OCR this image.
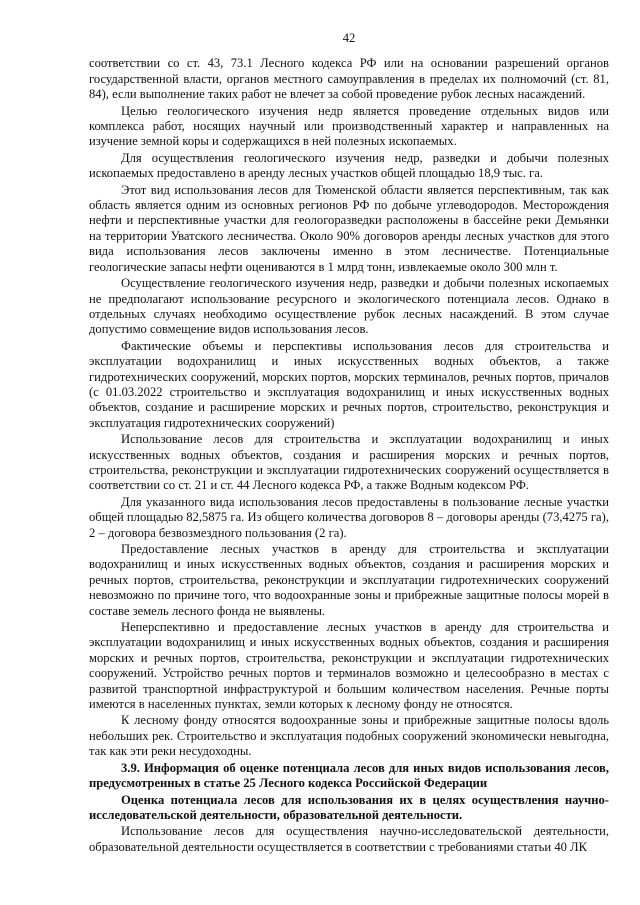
42

соответствии со ст. 43, 73.1 Лесного кодекса РФ или на основании разрешений органов государственной власти, органов местного самоуправления в пределах их полномочий (ст. 81, 84), если выполнение таких работ не влечет за собой проведение рубок лесных насаждений.

Целью геологического изучения недр является проведение отдельных видов или комплекса работ, носящих научный или производственный характер и направленных на изучение земной коры и содержащихся в ней полезных ископаемых.

Для осуществления геологического изучения недр, разведки и добычи полезных ископаемых предоставлено в аренду лесных участков общей площадью 18,9 тыс. га.

Этот вид использования лесов для Тюменской области является перспективным, так как область является одним из основных регионов РФ по добыче углеводородов. Месторождения нефти и перспективные участки для геологоразведки расположены в бассейне реки Демьянки на территории Уватского лесничества. Около 90% договоров аренды лесных участков для этого вида использования лесов заключены именно в этом лесничестве. Потенциальные геологические запасы нефти оцениваются в 1 млрд тонн, извлекаемые около 300 млн т.

Осуществление геологического изучения недр, разведки и добычи полезных ископаемых не предполагают использование ресурсного и экологического потенциала лесов. Однако в отдельных случаях необходимо осуществление рубок лесных насаждений. В этом случае допустимо совмещение видов использования лесов.

Фактические объемы и перспективы использования лесов для строительства и эксплуатации водохранилищ и иных искусственных водных объектов, а также гидротехнических сооружений, морских портов, морских терминалов, речных портов, причалов (с 01.03.2022 строительство и эксплуатация водохранилищ и иных искусственных водных объектов, создание и расширение морских и речных портов, строительство, реконструкция и эксплуатация гидротехнических сооружений)

Использование лесов для строительства и эксплуатации водохранилищ и иных искусственных водных объектов, создания и расширения морских и речных портов, строительства, реконструкции и эксплуатации гидротехнических сооружений осуществляется в соответствии со ст. 21 и ст. 44 Лесного кодекса РФ, а также Водным кодексом РФ.

Для указанного вида использования лесов предоставлены в пользование лесные участки общей площадью 82,5875 га. Из общего количества договоров 8 – договоры аренды (73,4275 га), 2 – договора безвозмездного пользования (2 га).

Предоставление лесных участков в аренду для строительства и эксплуатации водохранилищ и иных искусственных водных объектов, создания и расширения морских и речных портов, строительства, реконструкции и эксплуатации гидротехнических сооружений невозможно по причине того, что водоохранные зоны и прибрежные защитные полосы морей в составе земель лесного фонда не выявлены.

Неперспективно и предоставление лесных участков в аренду для строительства и эксплуатации водохранилищ и иных искусственных водных объектов, создания и расширения морских и речных портов, строительства, реконструкции и эксплуатации гидротехнических сооружений. Устройство речных портов и терминалов возможно и целесообразно в местах с развитой транспортной инфраструктурой и большим количеством населения. Речные порты имеются в населенных пунктах, земли которых к лесному фонду не относятся.

К лесному фонду относятся водоохранные зоны и прибрежные защитные полосы вдоль небольших рек. Строительство и эксплуатация подобных сооружений экономически невыгодна, так как эти реки несудоходны.

3.9. Информация об оценке потенциала лесов для иных видов использования лесов, предусмотренных в статье 25 Лесного кодекса Российской Федерации

Оценка потенциала лесов для использования их в целях осуществления научно-исследовательской деятельности, образовательной деятельности.

Использование лесов для осуществления научно-исследовательской деятельности, образовательной деятельности осуществляется в соответствии с требованиями статьи 40 ЛК
